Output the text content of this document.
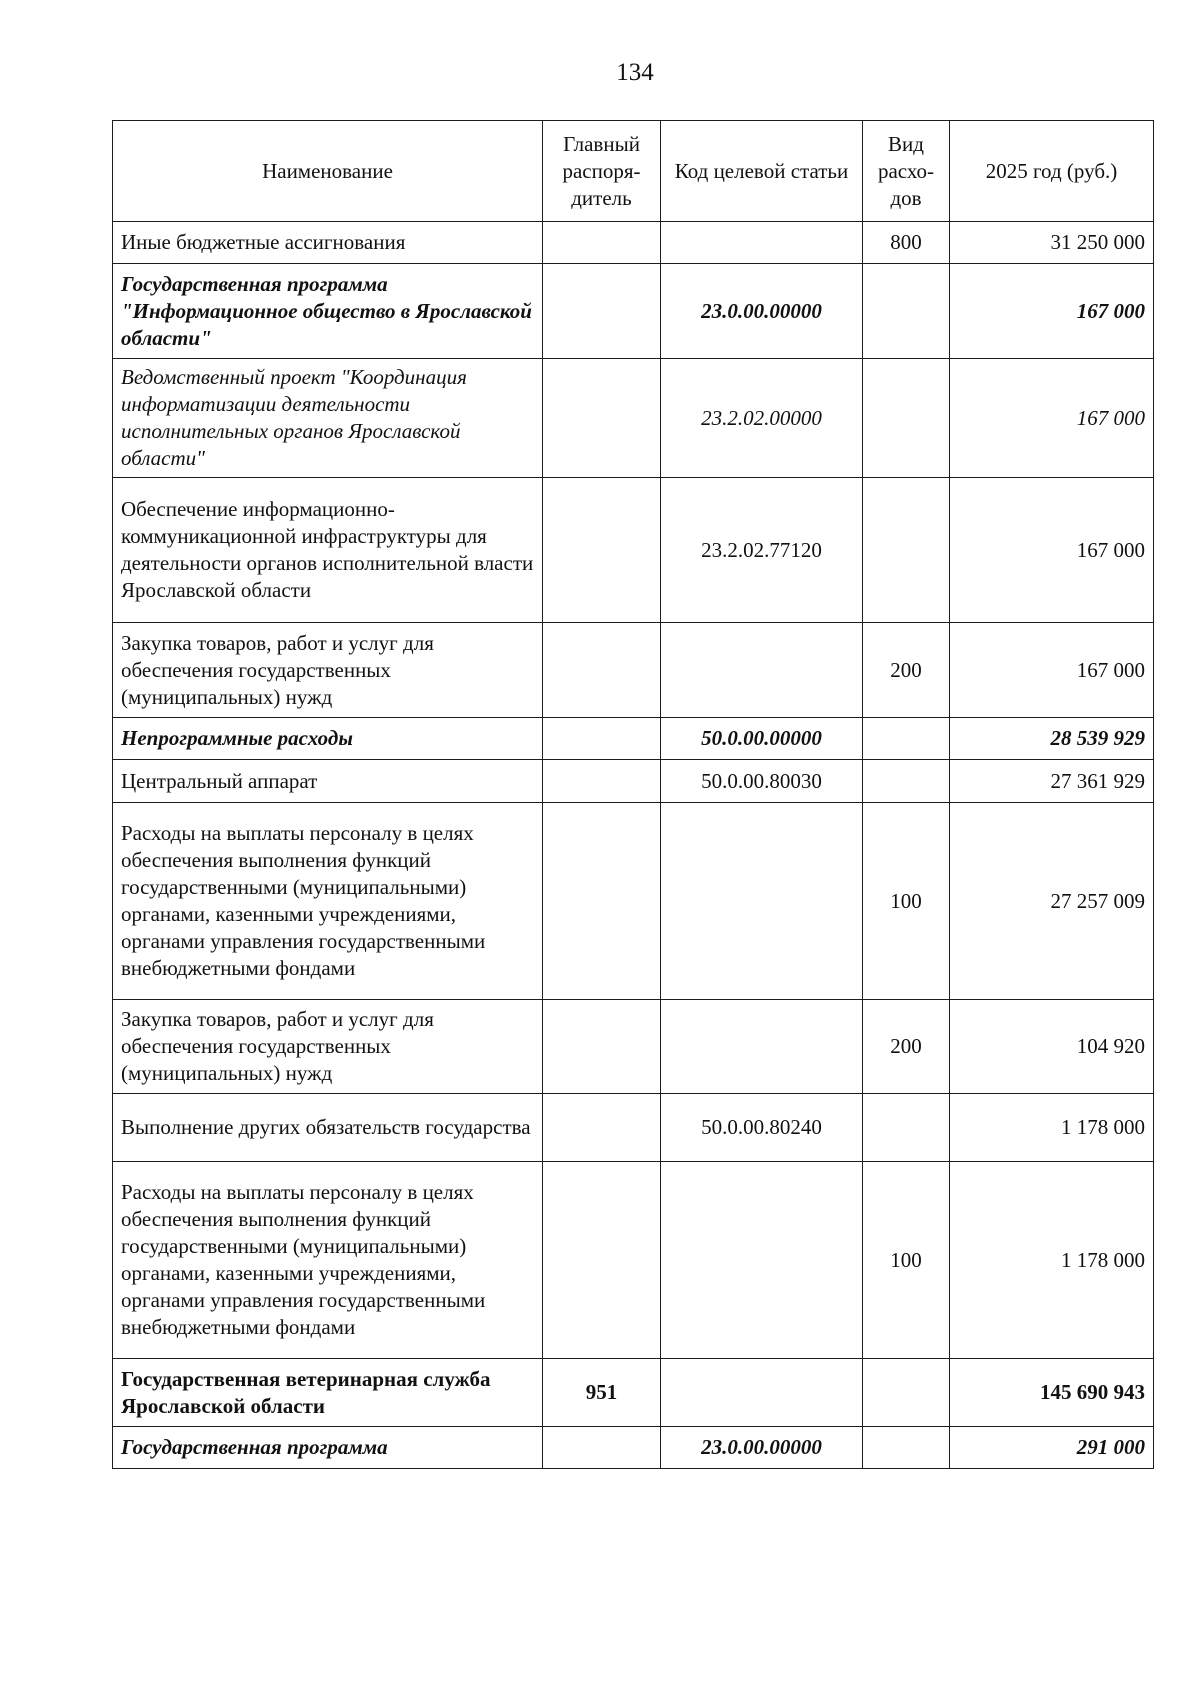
134
Наименование	Главный распоря-дитель	Код целевой статьи	Вид расхо-дов	2025 год (руб.)
Иные бюджетные ассигнования			800	31 250 000
Государственная программа "Информационное общество в Ярославской области"		23.0.00.00000		167 000
Ведомственный проект "Координация информатизации деятельности исполнительных органов Ярославской области"		23.2.02.00000		167 000
Обеспечение информационно-коммуникационной инфраструктуры для деятельности органов исполнительной власти Ярославской области		23.2.02.77120		167 000
Закупка товаров, работ и услуг для обеспечения государственных (муниципальных) нужд			200	167 000
Непрограммные расходы		50.0.00.00000		28 539 929
Центральный аппарат		50.0.00.80030		27 361 929
Расходы на выплаты персоналу в целях обеспечения выполнения функций государственными (муниципальными) органами, казенными учреждениями, органами управления государственными внебюджетными фондами			100	27 257 009
Закупка товаров, работ и услуг для обеспечения государственных (муниципальных) нужд			200	104 920
Выполнение других обязательств государства		50.0.00.80240		1 178 000
Расходы на выплаты персоналу в целях обеспечения выполнения функций государственными (муниципальными) органами, казенными учреждениями, органами управления государственными внебюджетными фондами			100	1 178 000
Государственная ветеринарная служба Ярославской области	951			145 690 943
Государственная программа		23.0.00.00000		291 000
